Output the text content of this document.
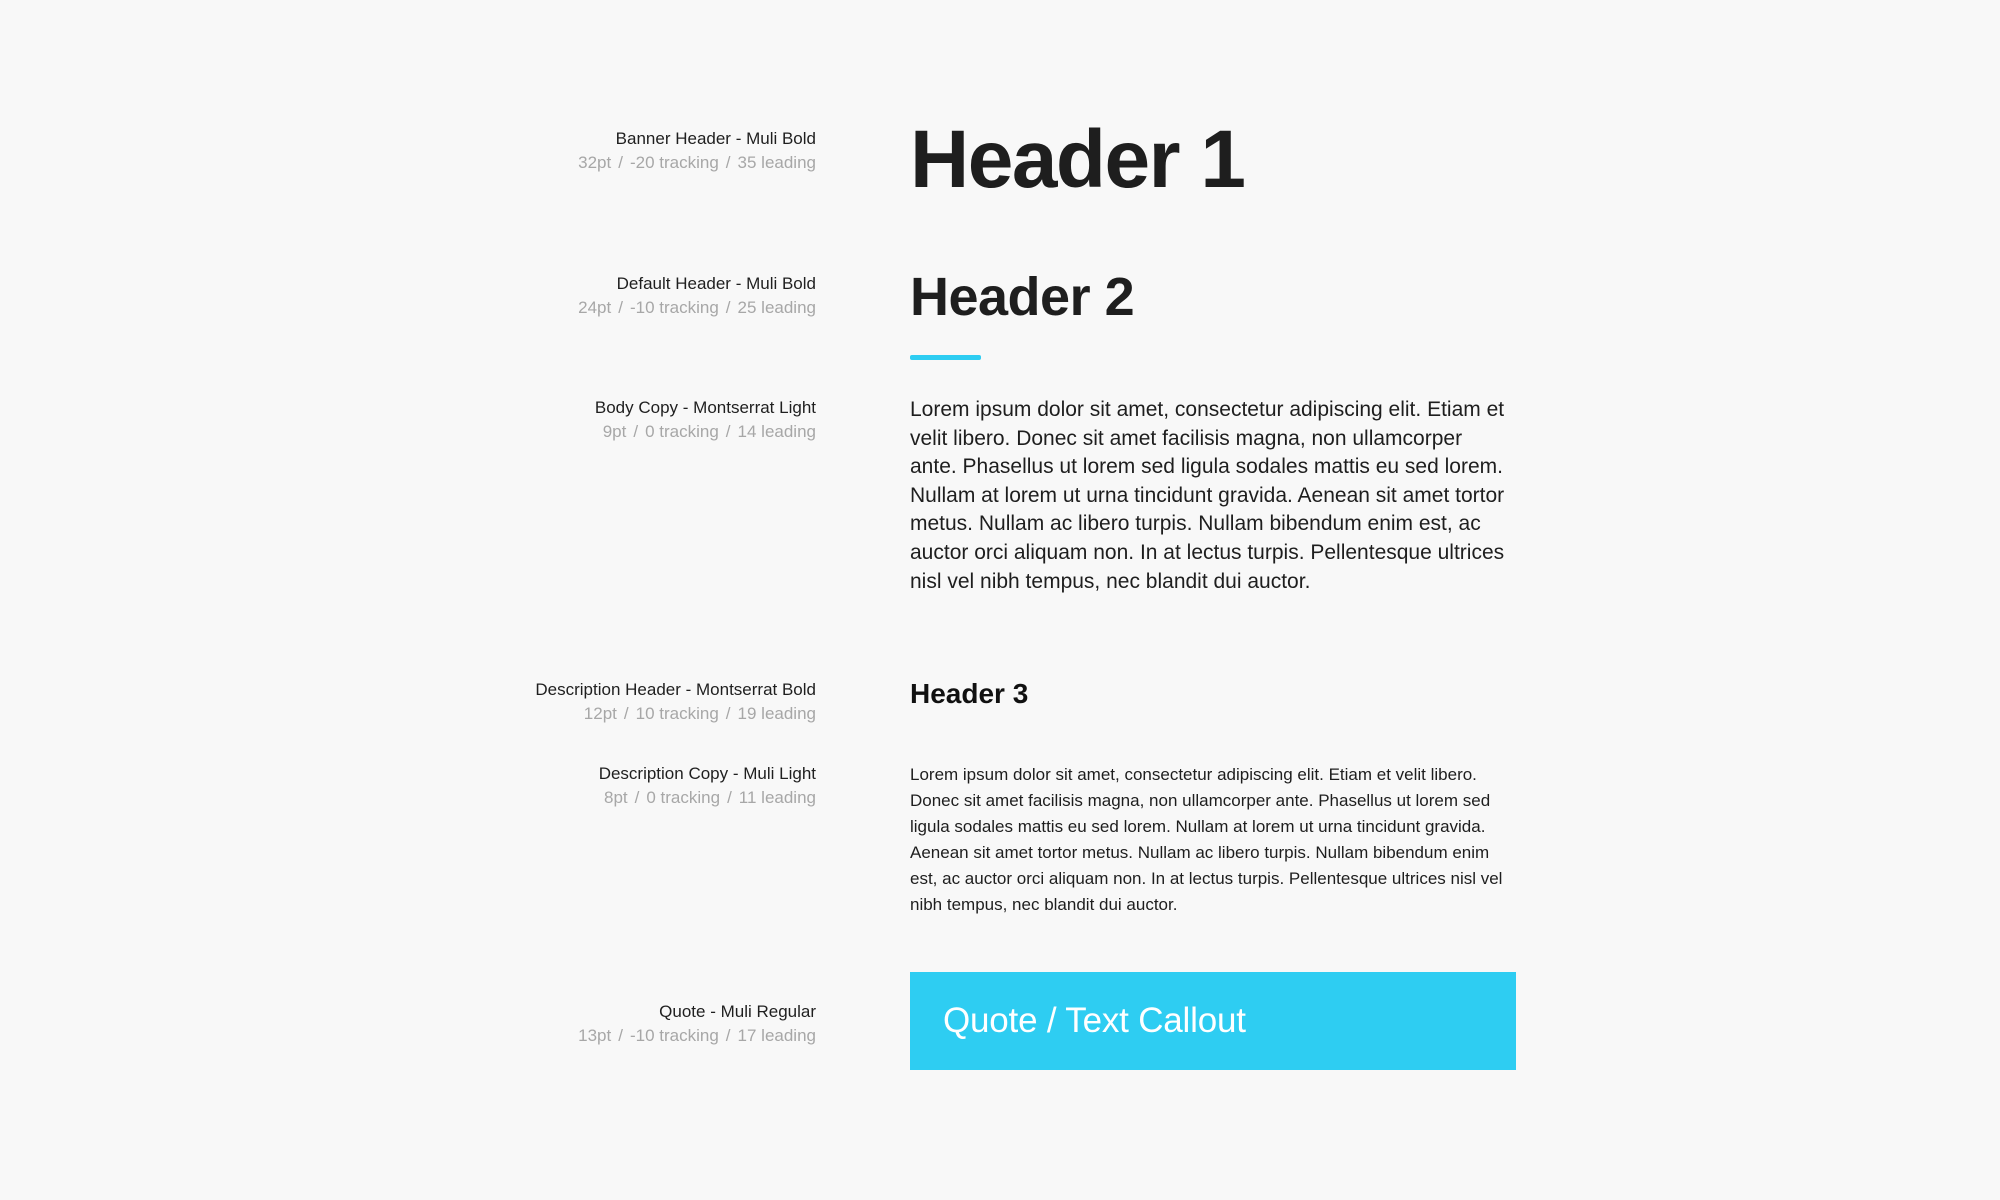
Banner Header - Muli Bold
32pt / -20 tracking / 35 leading
Default Header - Muli Bold
24pt / -10 tracking / 25 leading
Body Copy - Montserrat Light
9pt / 0 tracking / 14 leading
Description Header - Montserrat Bold
12pt / 10 tracking / 19 leading
Description Copy - Muli Light
8pt / 0 tracking / 11 leading
Quote - Muli Regular
13pt / -10 tracking / 17 leading
Header 1
Header 2

Lorem ipsum dolor sit amet, consectetur adipiscing elit. Etiam et velit libero. Donec sit amet facilisis magna, non ullamcorper ante. Phasellus ut lorem sed ligula sodales mattis eu sed lorem. Nullam at lorem ut urna tincidunt gravida. Aenean sit amet tortor metus. Nullam ac libero turpis. Nullam bibendum enim est, ac auctor orci aliquam non. In at lectus turpis. Pellentesque ultrices nisl vel nibh tempus, nec blandit dui auctor.

Header 3

Lorem ipsum dolor sit amet, consectetur adipiscing elit. Etiam et velit libero. Donec sit amet facilisis magna, non ullamcorper ante. Phasellus ut lorem sed ligula sodales mattis eu sed lorem. Nullam at lorem ut urna tincidunt gravida. Aenean sit amet tortor metus. Nullam ac libero turpis. Nullam bibendum enim est, ac auctor orci aliquam non. In at lectus turpis. Pellentesque ultrices nisl vel nibh tempus, nec blandit dui auctor.

Quote / Text Callout
